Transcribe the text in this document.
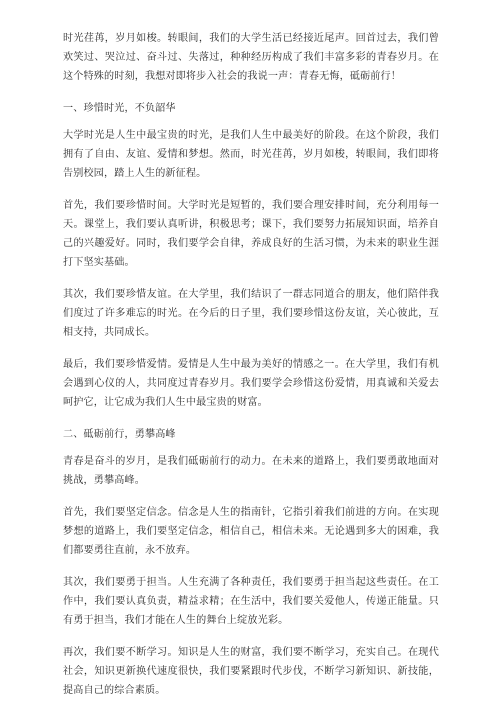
时光荏苒，岁月如梭。转眼间，我们的大学生活已经接近尾声。回首过去，我们曾欢笑过、哭泣过、奋斗过、失落过，种种经历构成了我们丰富多彩的青春岁月。在这个特殊的时刻，我想对即将步入社会的我说一声：青春无悔，砥砺前行！

一、珍惜时光，不负韶华

大学时光是人生中最宝贵的时光，是我们人生中最美好的阶段。在这个阶段，我们拥有了自由、友谊、爱情和梦想。然而，时光荏苒，岁月如梭，转眼间，我们即将告别校园，踏上人生的新征程。

首先，我们要珍惜时间。大学时光是短暂的，我们要合理安排时间，充分利用每一天。课堂上，我们要认真听讲，积极思考；课下，我们要努力拓展知识面，培养自己的兴趣爱好。同时，我们要学会自律，养成良好的生活习惯，为未来的职业生涯打下坚实基础。

其次，我们要珍惜友谊。在大学里，我们结识了一群志同道合的朋友，他们陪伴我们度过了许多难忘的时光。在今后的日子里，我们要珍惜这份友谊，关心彼此，互相支持，共同成长。

最后，我们要珍惜爱情。爱情是人生中最为美好的情感之一。在大学里，我们有机会遇到心仪的人，共同度过青春岁月。我们要学会珍惜这份爱情，用真诚和关爱去呵护它，让它成为我们人生中最宝贵的财富。

二、砥砺前行，勇攀高峰

青春是奋斗的岁月，是我们砥砺前行的动力。在未来的道路上，我们要勇敢地面对挑战，勇攀高峰。

首先，我们要坚定信念。信念是人生的指南针，它指引着我们前进的方向。在实现梦想的道路上，我们要坚定信念，相信自己，相信未来。无论遇到多大的困难，我们都要勇往直前，永不放弃。

其次，我们要勇于担当。人生充满了各种责任，我们要勇于担当起这些责任。在工作中，我们要认真负责，精益求精；在生活中，我们要关爱他人，传递正能量。只有勇于担当，我们才能在人生的舞台上绽放光彩。

再次，我们要不断学习。知识是人生的财富，我们要不断学习，充实自己。在现代社会，知识更新换代速度很快，我们要紧跟时代步伐，不断学习新知识、新技能，提高自己的综合素质。
